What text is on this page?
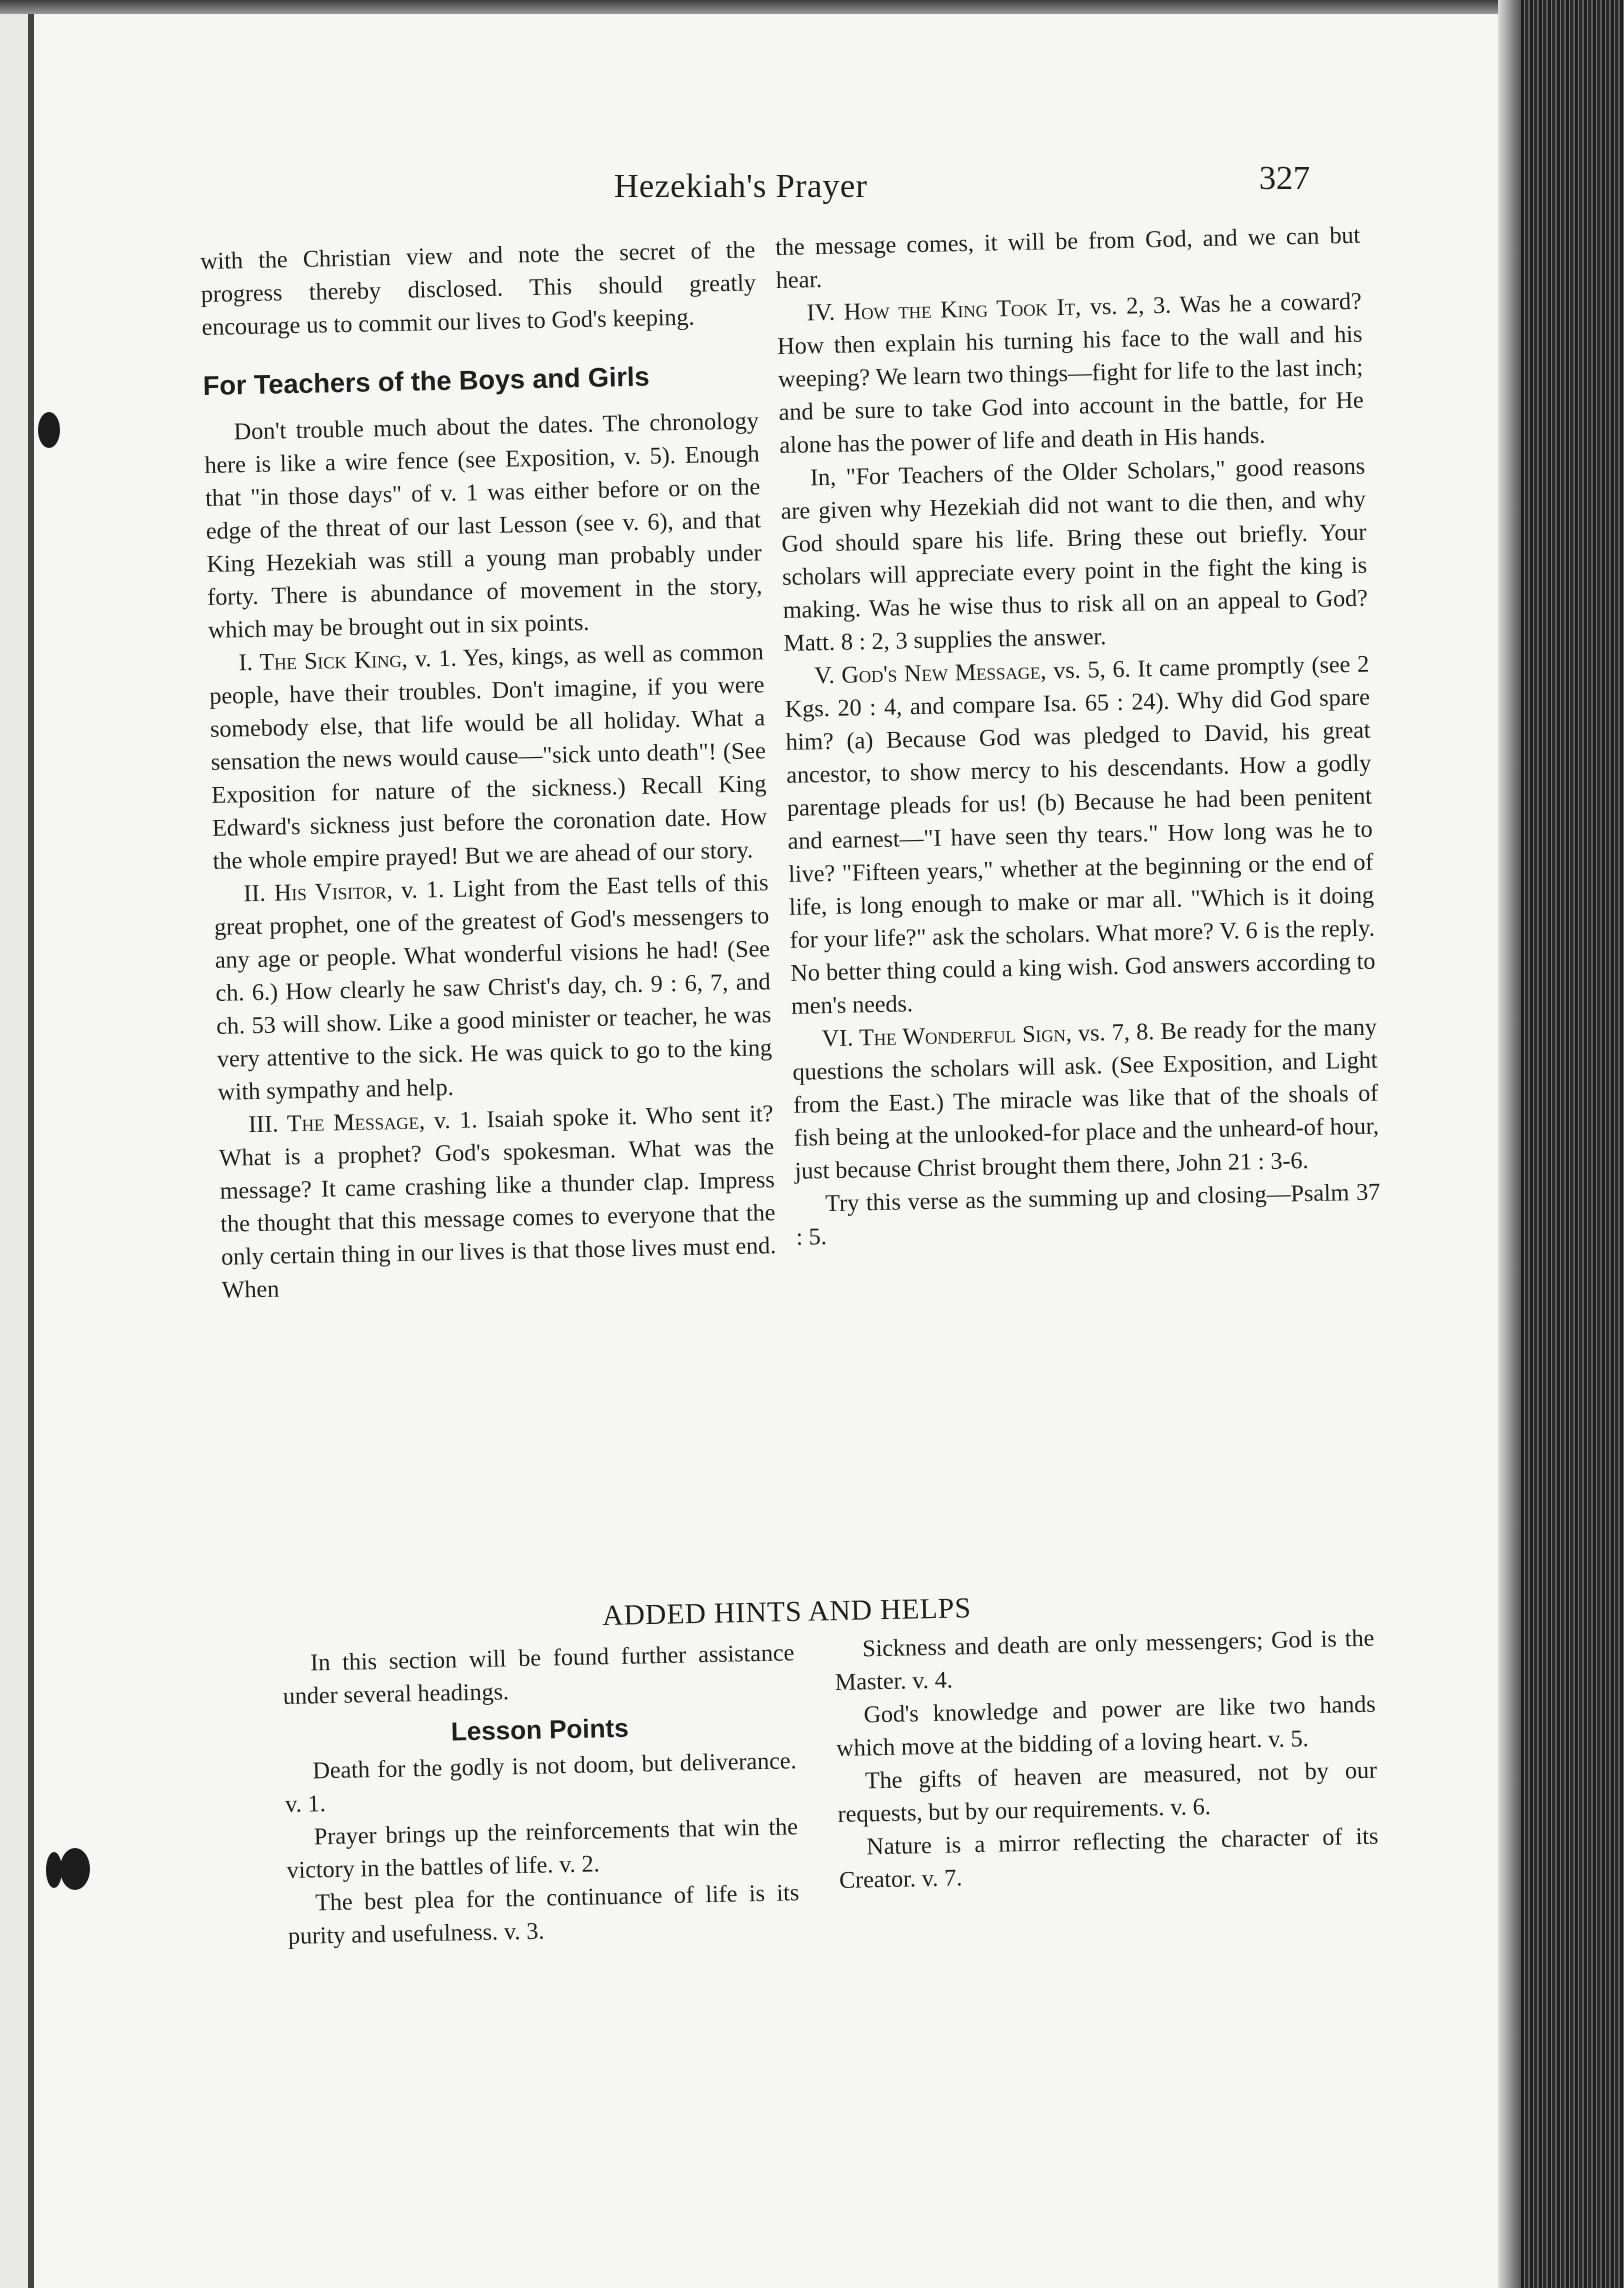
Hezekiah's Prayer	327

with the Christian view and note the secret of the progress thereby disclosed. This should greatly encourage us to commit our lives to God's keeping.

For Teachers of the Boys and Girls

Don't trouble much about the dates. The chronology here is like a wire fence (see Exposition, v. 5). Enough that "in those days" of v. 1 was either before or on the edge of the threat of our last Lesson (see v. 6), and that King Hezekiah was still a young man probably under forty. There is abundance of movement in the story, which may be brought out in six points.

I. The Sick King, v. 1. Yes, kings, as well as common people, have their troubles. Don't imagine, if you were somebody else, that life would be all holiday. What a sensation the news would cause—"sick unto death"! (See Exposition for nature of the sickness.) Recall King Edward's sickness just before the coronation date. How the whole empire prayed! But we are ahead of our story.

II. His Visitor, v. 1. Light from the East tells of this great prophet, one of the greatest of God's messengers to any age or people. What wonderful visions he had! (See ch. 6.) How clearly he saw Christ's day, ch. 9 : 6, 7, and ch. 53 will show. Like a good minister or teacher, he was very attentive to the sick. He was quick to go to the king with sympathy and help.

III. The Message, v. 1. Isaiah spoke it. Who sent it? What is a prophet? God's spokesman. What was the message? It came crashing like a thunder clap. Impress the thought that this message comes to everyone that the only certain thing in our lives is that those lives must end. When

the message comes, it will be from God, and we can but hear.

IV. How the King Took It, vs. 2, 3. Was he a coward? How then explain his turning his face to the wall and his weeping? We learn two things—fight for life to the last inch; and be sure to take God into account in the battle, for He alone has the power of life and death in His hands.

In, "For Teachers of the Older Scholars," good reasons are given why Hezekiah did not want to die then, and why God should spare his life. Bring these out briefly. Your scholars will appreciate every point in the fight the king is making. Was he wise thus to risk all on an appeal to God? Matt. 8 : 2, 3 supplies the answer.

V. God's New Message, vs. 5, 6. It came promptly (see 2 Kgs. 20 : 4, and compare Isa. 65 : 24). Why did God spare him? (a) Because God was pledged to David, his great ancestor, to show mercy to his descendants. How a godly parentage pleads for us! (b) Because he had been penitent and earnest—"I have seen thy tears." How long was he to live? "Fifteen years," whether at the beginning or the end of life, is long enough to make or mar all. "Which is it doing for your life?" ask the scholars. What more? V. 6 is the reply. No better thing could a king wish. God answers according to men's needs.

VI. The Wonderful Sign, vs. 7, 8. Be ready for the many questions the scholars will ask. (See Exposition, and Light from the East.) The miracle was like that of the shoals of fish being at the unlooked-for place and the unheard-of hour, just because Christ brought them there, John 21 : 3-6.

Try this verse as the summing up and closing—Psalm 37 : 5.

ADDED HINTS AND HELPS

In this section will be found further assistance under several headings.

Lesson Points

Death for the godly is not doom, but deliverance. v. 1.

Prayer brings up the reinforcements that win the victory in the battles of life. v. 2.

The best plea for the continuance of life is its purity and usefulness. v. 3.

Sickness and death are only messengers; God is the Master. v. 4.

God's knowledge and power are like two hands which move at the bidding of a loving heart. v. 5.

The gifts of heaven are measured, not by our requests, but by our requirements. v. 6.

Nature is a mirror reflecting the character of its Creator. v. 7.
